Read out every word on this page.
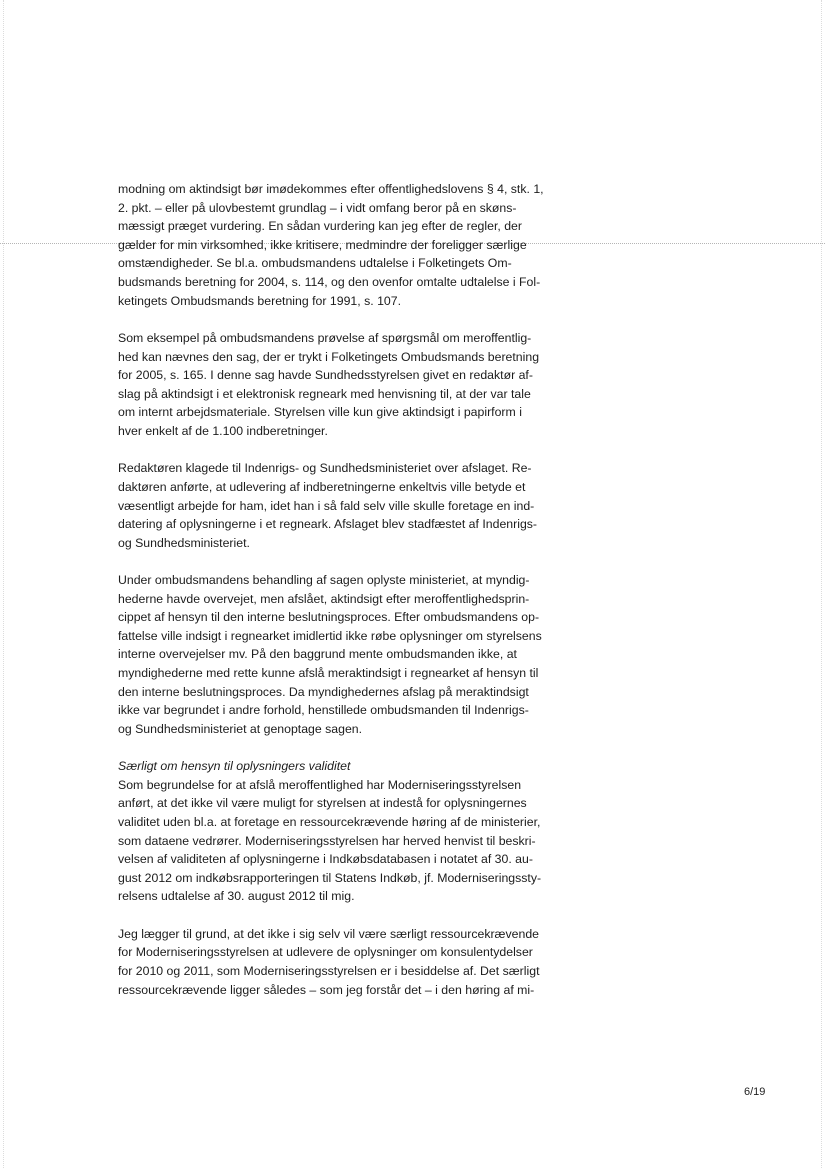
modning om aktindsigt bør imødekommes efter offentlighedslovens § 4, stk. 1,
2. pkt. – eller på ulovbestemt grundlag – i vidt omfang beror på en skøns-
mæssigt præget vurdering. En sådan vurdering kan jeg efter de regler, der
gælder for min virksomhed, ikke kritisere, medmindre der foreligger særlige
omstændigheder. Se bl.a. ombudsmandens udtalelse i Folketingets Om-
budsmands beretning for 2004, s. 114, og den ovenfor omtalte udtalelse i Fol-
ketingets Ombudsmands beretning for 1991, s. 107.
Som eksempel på ombudsmandens prøvelse af spørgsmål om meroffentlig-
hed kan nævnes den sag, der er trykt i Folketingets Ombudsmands beretning
for 2005, s. 165. I denne sag havde Sundhedsstyrelsen givet en redaktør af-
slag på aktindsigt i et elektronisk regneark med henvisning til, at der var tale
om internt arbejdsmateriale. Styrelsen ville kun give aktindsigt i papirform i
hver enkelt af de 1.100 indberetninger.
Redaktøren klagede til Indenrigs- og Sundhedsministeriet over afslaget. Re-
daktøren anførte, at udlevering af indberetningerne enkeltvis ville betyde et
væsentligt arbejde for ham, idet han i så fald selv ville skulle foretage en ind-
datering af oplysningerne i et regneark. Afslaget blev stadfæstet af Indenrigs-
og Sundhedsministeriet.
Under ombudsmandens behandling af sagen oplyste ministeriet, at myndig-
hederne havde overvejet, men afslået, aktindsigt efter meroffentlighedsprin-
cippet af hensyn til den interne beslutningsproces. Efter ombudsmandens op-
fattelse ville indsigt i regnearket imidlertid ikke røbe oplysninger om styrelsens
interne overvejelser mv. På den baggrund mente ombudsmanden ikke, at
myndighederne med rette kunne afslå meraktindsigt i regnearket af hensyn til
den interne beslutningsproces. Da myndighedernes afslag på meraktindsigt
ikke var begrundet i andre forhold, henstillede ombudsmanden til Indenrigs-
og Sundhedsministeriet at genoptage sagen.
Særligt om hensyn til oplysningers validitet
Som begrundelse for at afslå meroffentlighed har Moderniseringsstyrelsen
anført, at det ikke vil være muligt for styrelsen at indestå for oplysningernes
validitet uden bl.a. at foretage en ressourcekrævende høring af de ministerier,
som dataene vedrører. Moderniseringsstyrelsen har herved henvist til beskri-
velsen af validiteten af oplysningerne i Indkøbsdatabasen i notatet af 30. au-
gust 2012 om indkøbsrapporteringen til Statens Indkøb, jf. Moderniseringssty-
relsens udtalelse af 30. august 2012 til mig.
Jeg lægger til grund, at det ikke i sig selv vil være særligt ressourcekrævende
for Moderniseringsstyrelsen at udlevere de oplysninger om konsulentydelser
for 2010 og 2011, som Moderniseringsstyrelsen er i besiddelse af. Det særligt
ressourcekrævende ligger således – som jeg forstår det – i den høring af mi-
6/19
